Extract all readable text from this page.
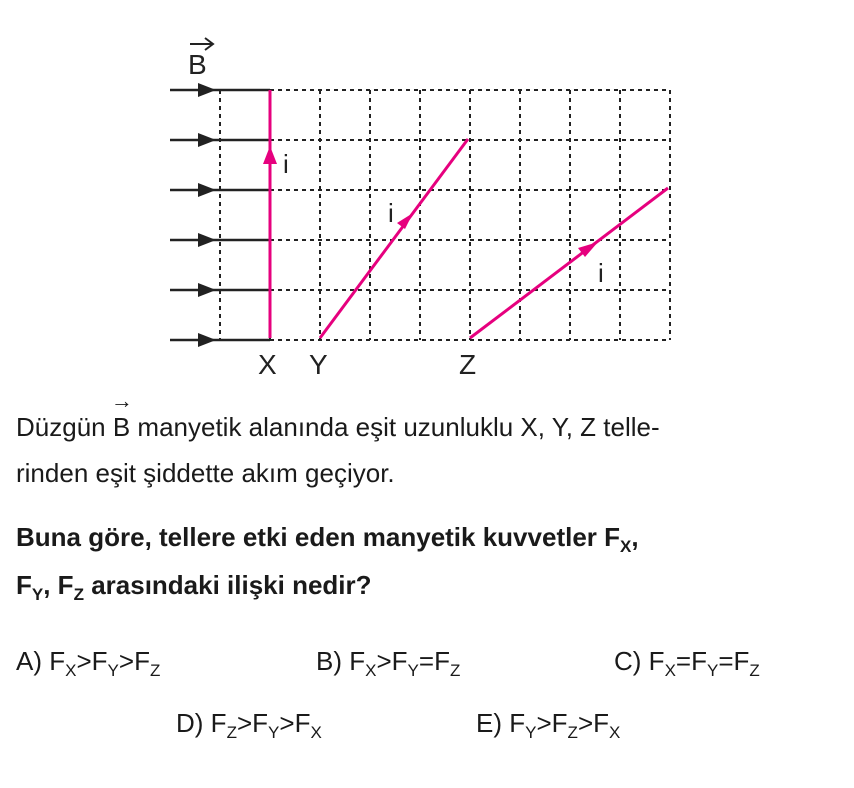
B
i
i
i
X Y	Z
Düzgün
→
B manyetik alanında eşit uzunluklu X, Y, Z telle-
rinden eşit şiddette akım geçiyor.
Buna göre, tellere etki eden manyetik kuvvetler $F_X$,
$F_Y$, $F_Z$ arasındaki ilişki nedir?
A) $F_X>F_Y>F_Z$	B) $F_X>F_Y=F_Z$	C) $F_X=F_Y=F_Z$
D) $F_Z>F_Y>F_X$	E) $F_Y>F_Z>F_X$
